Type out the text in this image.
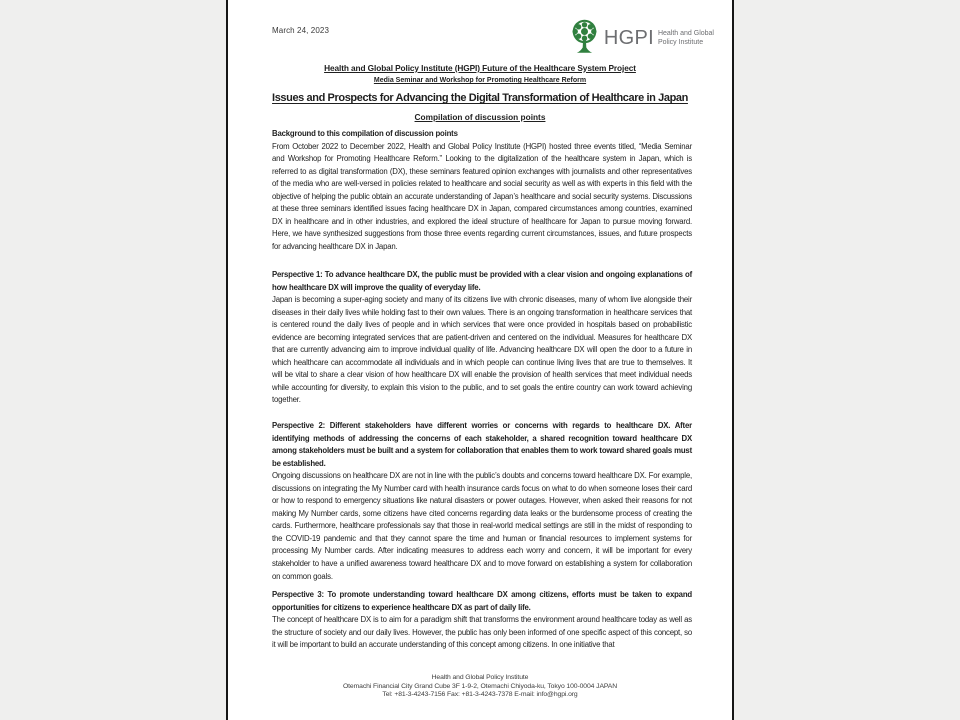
March 24, 2023	HGPI Health and Global
Policy Institute
Health and Global Policy Institute (HGPI) Future of the Healthcare System Project
Media Seminar and Workshop for Promoting Healthcare Reform
Issues and Prospects for Advancing the Digital Transformation of Healthcare in Japan
Compilation of discussion points
Background to this compilation of discussion points
From October 2022 to December 2022, Health and Global Policy Institute (HGPI) hosted three events titled, “Media Seminar and Workshop for Promoting Healthcare Reform.” Looking to the digitalization of the healthcare system in Japan, which is referred to as digital transformation (DX), these seminars featured opinion exchanges with journalists and other representatives of the media who are well-versed in policies related to healthcare and social security as well as with experts in this field with the objective of helping the public obtain an accurate understanding of Japan’s healthcare and social security systems. Discussions at these three seminars identified issues facing healthcare DX in Japan, compared circumstances among countries, examined DX in healthcare and in other industries, and explored the ideal structure of healthcare for Japan to pursue moving forward. Here, we have synthesized suggestions from those three events regarding current circumstances, issues, and future prospects for advancing healthcare DX in Japan.
Perspective 1: To advance healthcare DX, the public must be provided with a clear vision and ongoing explanations of how healthcare DX will improve the quality of everyday life.
Japan is becoming a super-aging society and many of its citizens live with chronic diseases, many of whom live alongside their diseases in their daily lives while holding fast to their own values. There is an ongoing transformation in healthcare services that is centered round the daily lives of people and in which services that were once provided in hospitals based on probabilistic evidence are becoming integrated services that are patient-driven and centered on the individual. Measures for healthcare DX that are currently advancing aim to improve individual quality of life. Advancing healthcare DX will open the door to a future in which healthcare can accommodate all individuals and in which people can continue living lives that are true to themselves. It will be vital to share a clear vision of how healthcare DX will enable the provision of health services that meet individual needs while accounting for diversity, to explain this vision to the public, and to set goals the entire country can work toward achieving together.
Perspective 2: Different stakeholders have different worries or concerns with regards to healthcare DX. After identifying methods of addressing the concerns of each stakeholder, a shared recognition toward healthcare DX among stakeholders must be built and a system for collaboration that enables them to work toward shared goals must be established.
Ongoing discussions on healthcare DX are not in line with the public’s doubts and concerns toward healthcare DX. For example, discussions on integrating the My Number card with health insurance cards focus on what to do when someone loses their card or how to respond to emergency situations like natural disasters or power outages. However, when asked their reasons for not making My Number cards, some citizens have cited concerns regarding data leaks or the burdensome process of creating the cards. Furthermore, healthcare professionals say that those in real-world medical settings are still in the midst of responding to the COVID-19 pandemic and that they cannot spare the time and human or financial resources to implement systems for processing My Number cards. After indicating measures to address each worry and concern, it will be important for every stakeholder to have a unified awareness toward healthcare DX and to move forward on establishing a system for collaboration on common goals.
Perspective 3: To promote understanding toward healthcare DX among citizens, efforts must be taken to expand opportunities for citizens to experience healthcare DX as part of daily life.
The concept of healthcare DX is to aim for a paradigm shift that transforms the environment around healthcare today as well as the structure of society and our daily lives. However, the public has only been informed of one specific aspect of this concept, so it will be important to build an accurate understanding of this concept among citizens. In one initiative that
Health and Global Policy Institute
Otemachi Financial City Grand Cube 3F 1-9-2, Otemachi Chiyoda-ku, Tokyo 100-0004 JAPAN
Tel: +81-3-4243-7156 Fax: +81-3-4243-7378 E-mail: info@hgpi.org
